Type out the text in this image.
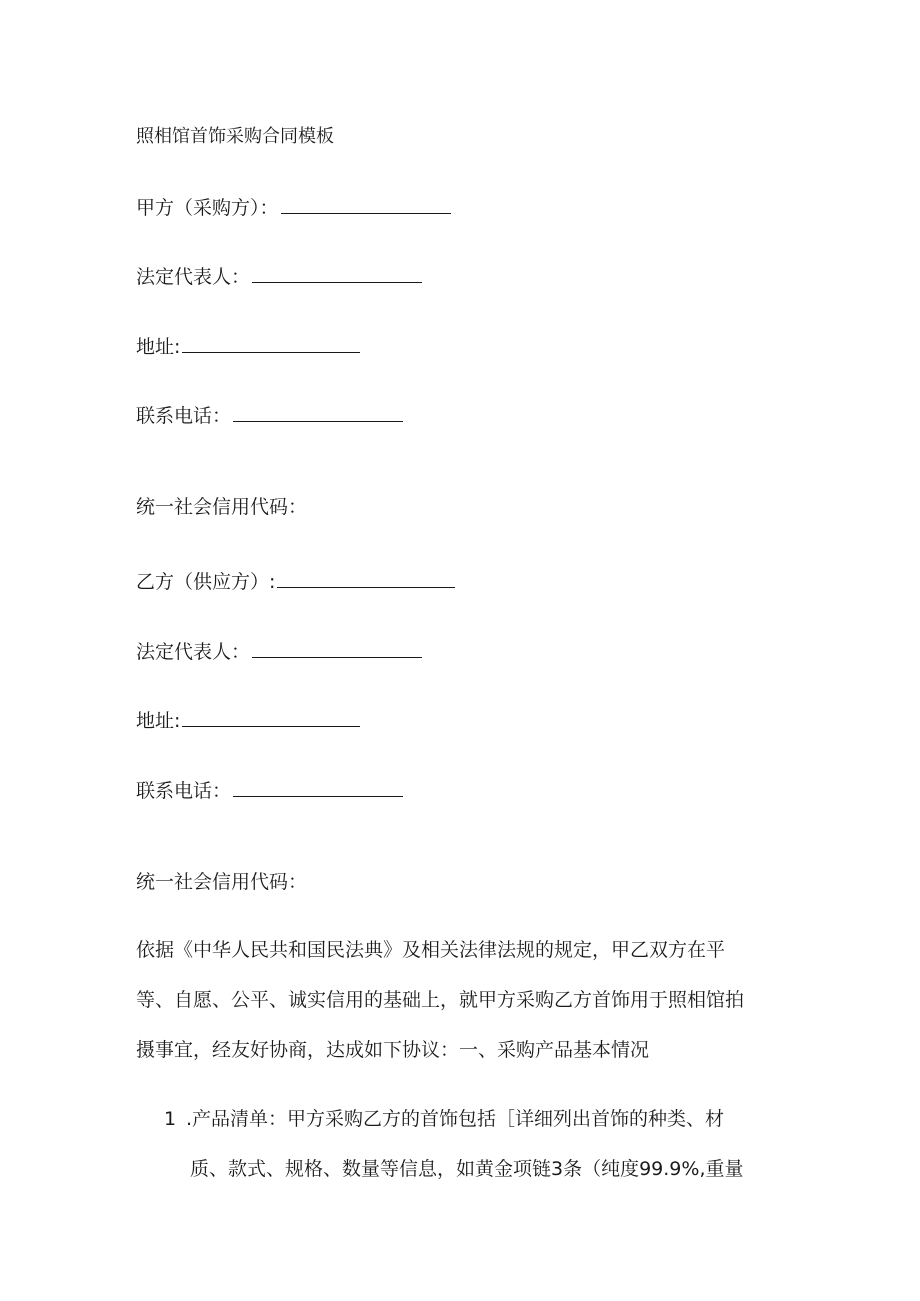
照相馆首饰采购合同模板
甲方（采购方）：
法定代表人：
地址:
联系电话：
统一社会信用代码：
乙方（供应方）:
法定代表人：
地址:
联系电话：
统一社会信用代码：
依据《中华人民共和国民法典》及相关法律法规的规定，甲乙双方在平
等、自愿、公平、诚实信用的基础上，就甲方采购乙方首饰用于照相馆拍
摄事宜，经友好协商，达成如下协议：一、采购产品基本情况
1 .产品清单：甲方采购乙方的首饰包括［详细列出首饰的种类、材
质、款式、规格、数量等信息，如黄金项链3条（纯度99.9%,重量
